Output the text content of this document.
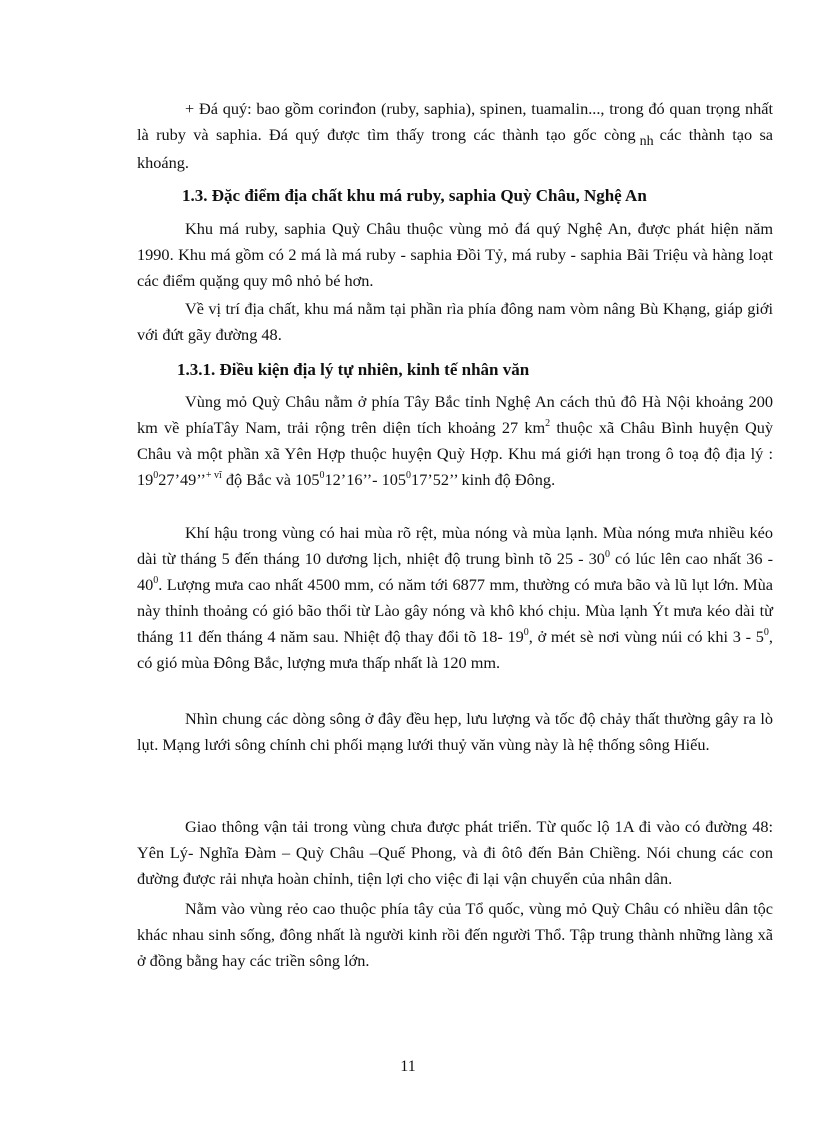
+ Đá quý: bao gồm corinđon (ruby, saphia), spinen, tuamalin..., trong đó quan trọng nhất là ruby và saphia. Đá quý được tìm thấy trong các thành tạo gốc còng nh các thành tạo sa khoáng.

1.3. Đặc điểm địa chất khu má ruby, saphia Quỳ Châu, Nghệ An

Khu má ruby, saphia Quỳ Châu thuộc vùng mỏ đá quý Nghệ An, được phát hiện năm 1990. Khu má gồm có 2 má là má ruby - saphia Đồi Tỷ, má ruby - saphia Bãi Triệu và hàng loạt các điểm quặng quy mô nhỏ bé hơn.

Về vị trí địa chất, khu má nằm tại phần rìa phía đông nam vòm nâng Bù Khạng, giáp giới với đứt gãy đường 48.

1.3.1. Điều kiện địa lý tự nhiên, kinh tế nhân văn

Vùng mỏ Quỳ Châu nằm ở phía Tây Bắc tỉnh Nghệ An cách thủ đô Hà Nội khoảng 200 km về phíaTây Nam, trải rộng trên diện tích khoảng 27 $km^2$ thuộc xã Châu Bình huyện Quỳ Châu và một phần xã Yên Hợp thuộc huyện Quỳ Hợp. Khu má giới hạn trong ô toạ độ địa lý : $19^027’49’’^{+ vĩ}$ độ Bắc và $105^012’16’’-$ $105^017’52$’’ kinh độ Đông.

Khí hậu trong vùng có hai mùa rõ rệt, mùa nóng và mùa lạnh. Mùa nóng mưa nhiều kéo dài từ tháng 5 đến tháng 10 dương lịch, nhiệt độ trung bình tõ $25 - 30^0$ có lúc lên cao nhất $36 - 40^0$. Lượng mưa cao nhất 4500 mm, có năm tới 6877 mm, thường có mưa bão và lũ lụt lớn. Mùa này thỉnh thoảng có gió bão thổi từ Lào gây nóng và khô khó chịu. Mùa lạnh Ýt mưa kéo dài từ tháng 11 đến tháng 4 năm sau. Nhiệt độ thay đổi tõ 18- $19^0$, ở mét sè nơi vùng núi có khi $3 - 5^0$, có gió mùa Đông Bắc, lượng mưa thấp nhất là 120 mm.

Nhìn chung các dòng sông ở đây đều hẹp, lưu lượng và tốc độ chảy thất thường gây ra lò lụt. Mạng lưới sông chính chi phối mạng lưới thuỷ văn vùng này là hệ thống sông Hiếu.

Giao thông vận tải trong vùng chưa được phát triển. Từ quốc lộ 1A đi vào có đường 48: Yên Lý- Nghĩa Đàm – Quỳ Châu –Quế Phong, và đi ôtô đến Bản Chiềng. Nói chung các con đường được rải nhựa hoàn chỉnh, tiện lợi cho việc đi lại vận chuyển của nhân dân.

Nằm vào vùng rẻo cao thuộc phía tây của Tổ quốc, vùng mỏ Quỳ Châu có nhiều dân tộc khác nhau sinh sống, đông nhất là người kinh rồi đến người Thổ. Tập trung thành những làng xã ở đồng bằng hay các triền sông lớn.

11
